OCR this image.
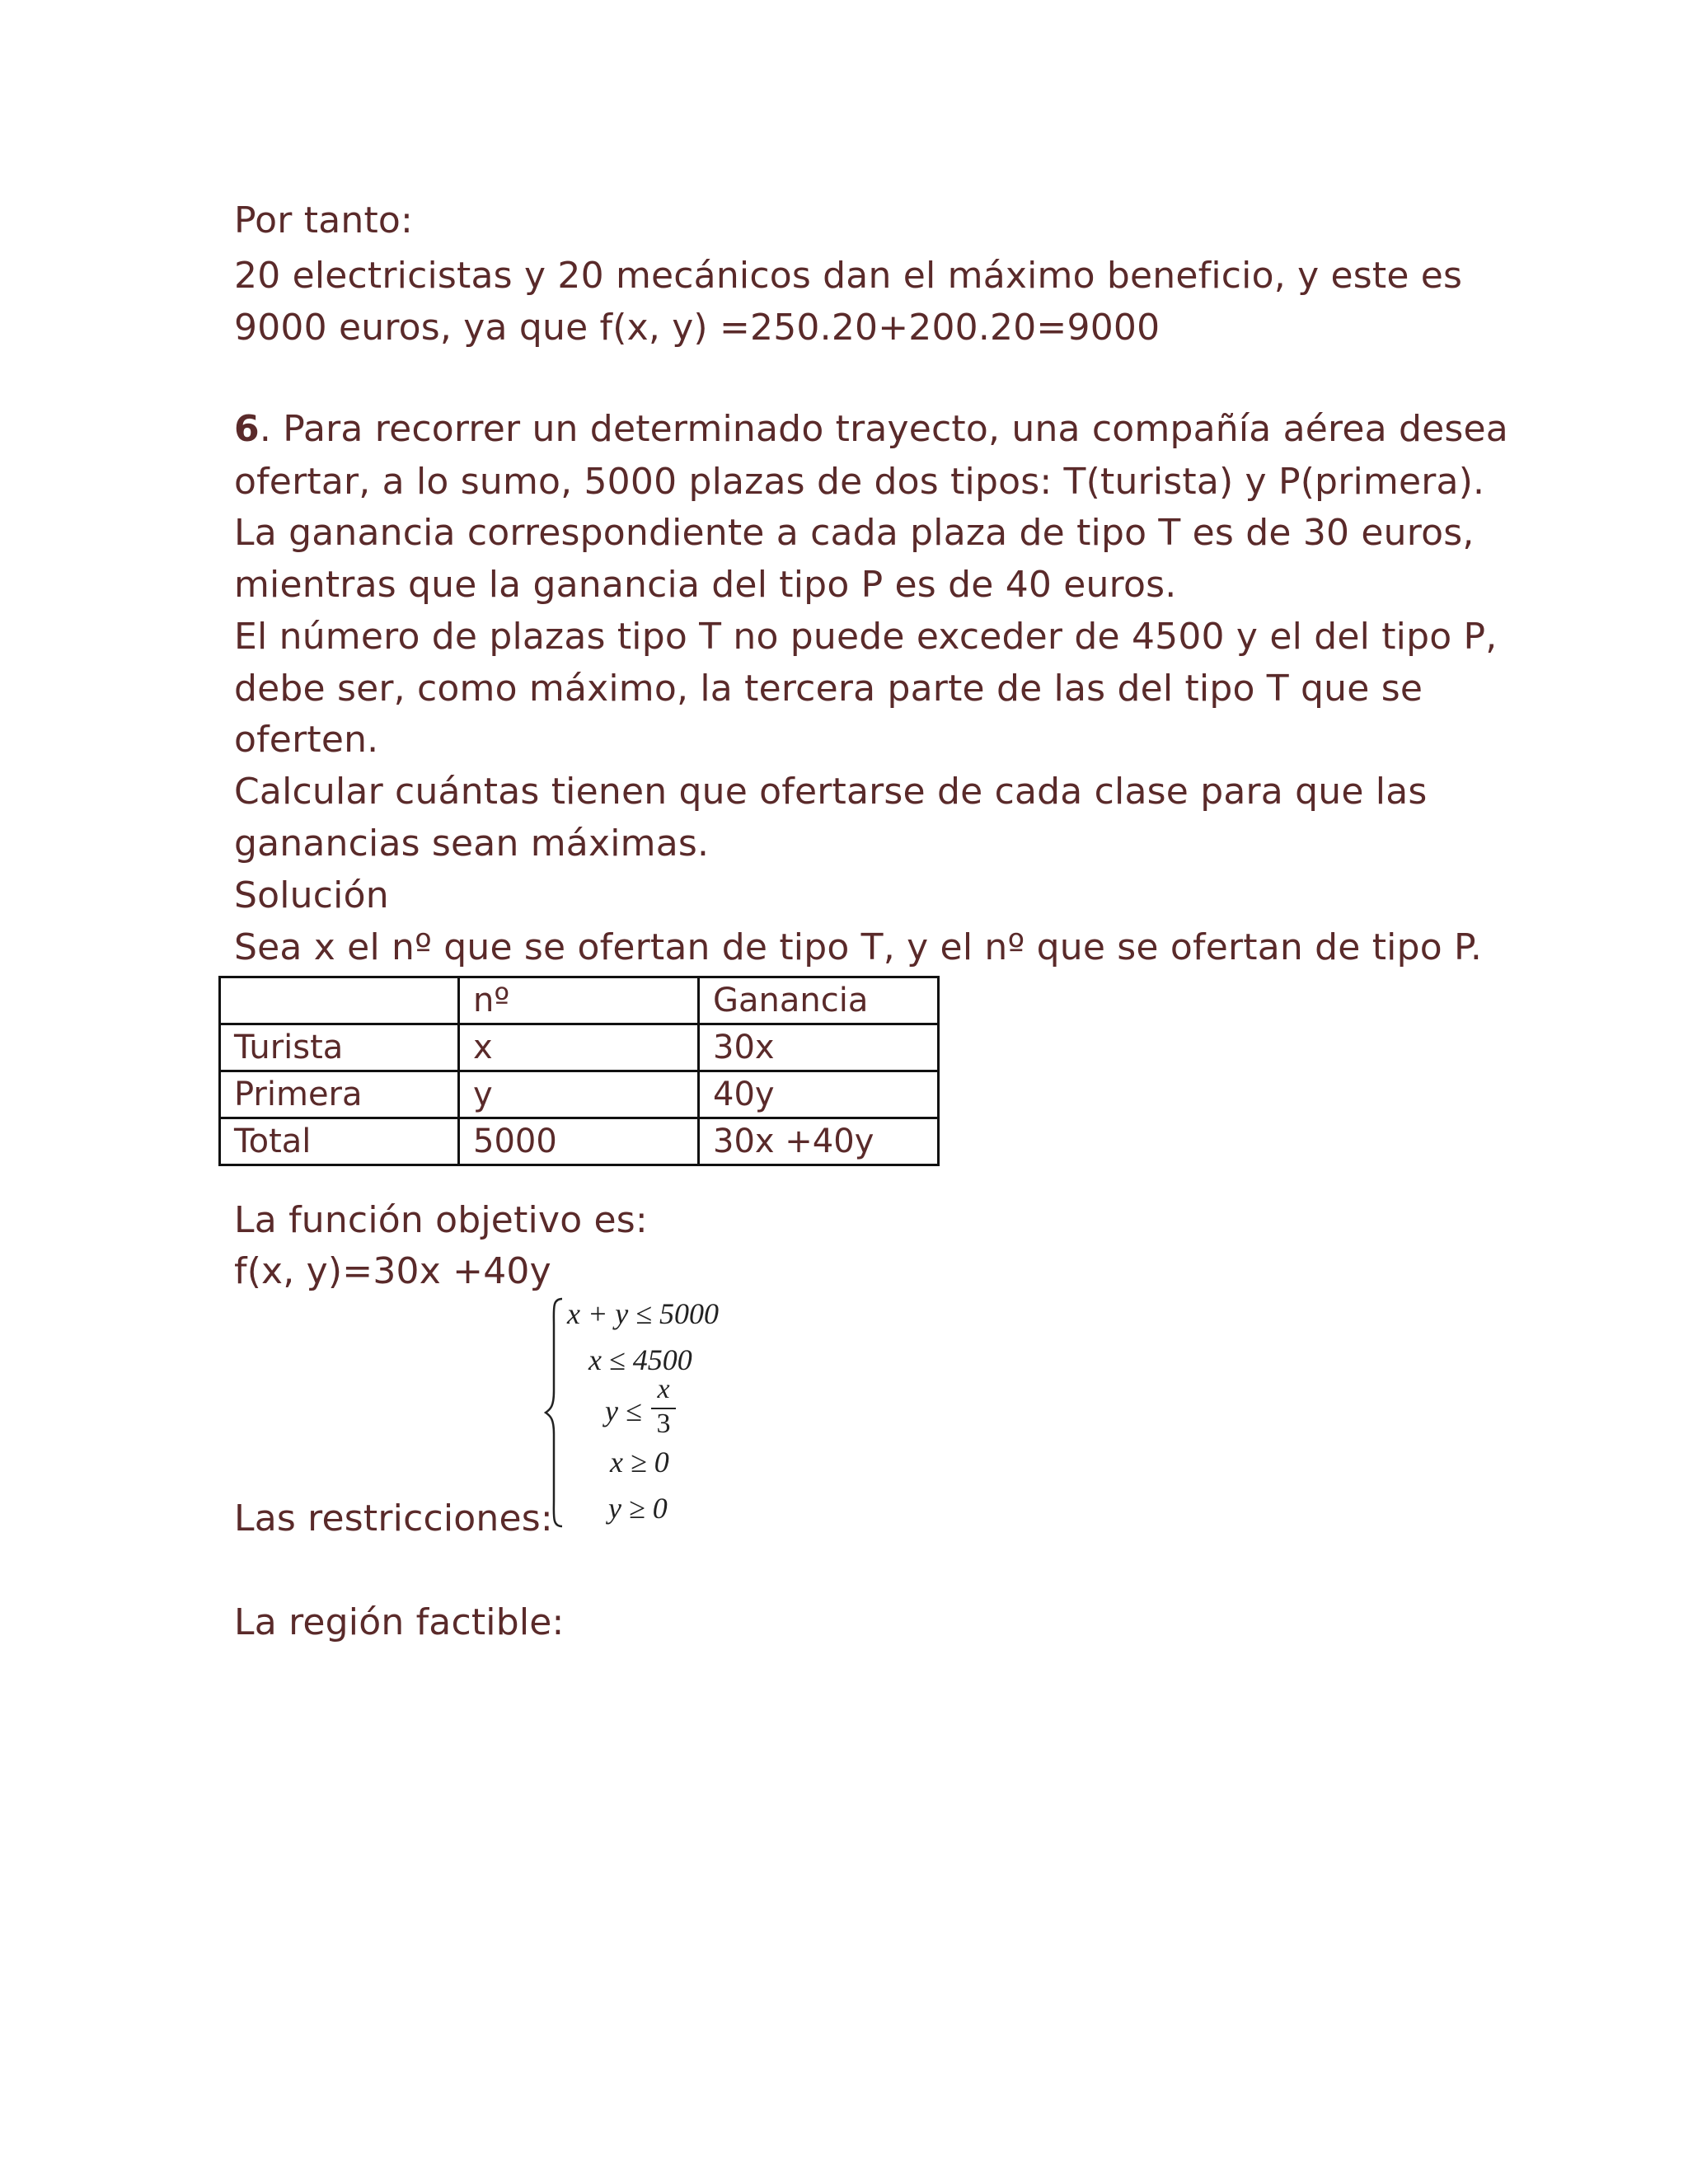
Por tanto:
20 electricistas y 20 mecánicos dan el máximo beneficio, y este es
9000 euros, ya que f(x, y) =250.20+200.20=9000
6. Para recorrer un determinado trayecto, una compañía aérea desea
ofertar, a lo sumo, 5000 plazas de dos tipos: T(turista) y P(primera).
La ganancia correspondiente a cada plaza de tipo T es de 30 euros,
mientras que la ganancia del tipo P es de 40 euros.
El número de plazas tipo T no puede exceder de 4500 y el del tipo P,
debe ser, como máximo, la tercera parte de las del tipo T que se
oferten.
Calcular cuántas tienen que ofertarse de cada clase para que las
ganancias sean máximas.
Solución
Sea x el nº que se ofertan de tipo T, y el nº que se ofertan de tipo P.
	nº	Ganancia
Turista	x	30x
Primera	y	40y
Total	5000	30x +40y
La función objetivo es:
f(x, y)=30x +40y
x + y ≤ 5000
x ≤ 4500
y ≤
x
3
x ≥ 0
y ≥ 0
Las restricciones:
La región factible:
